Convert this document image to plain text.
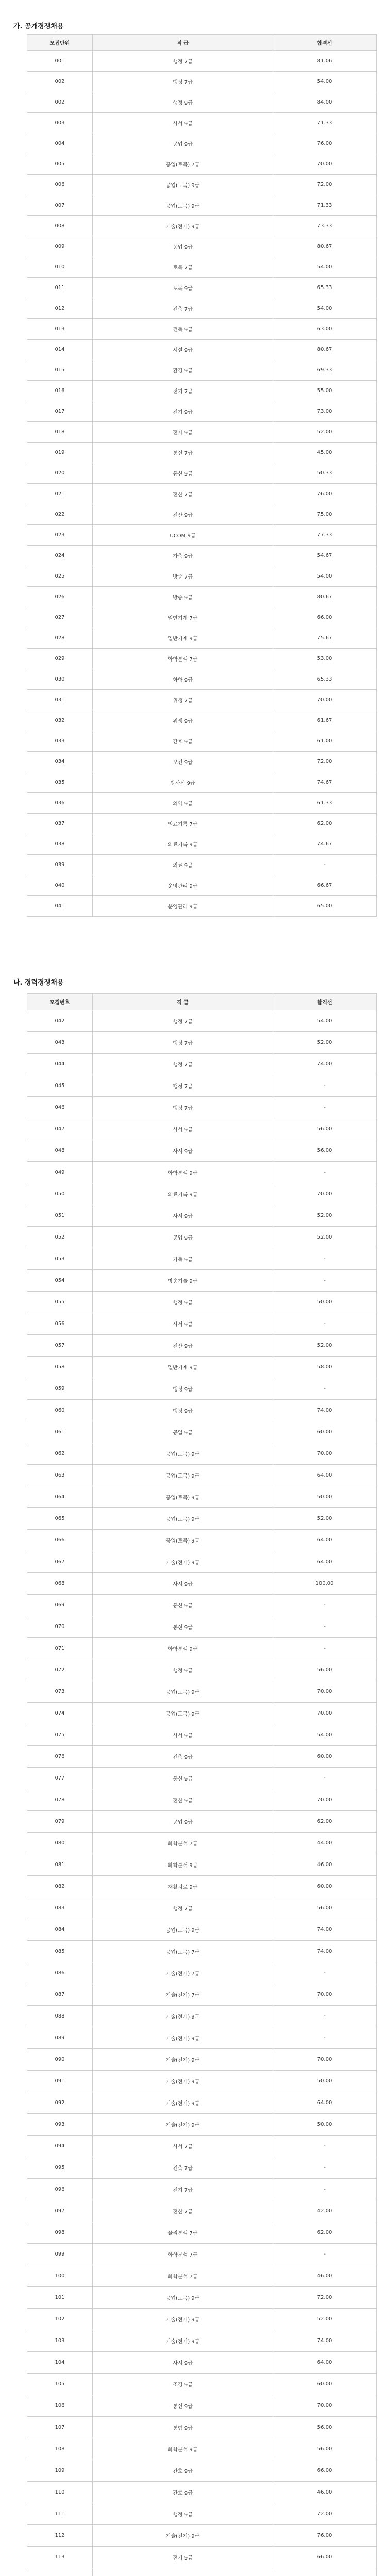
가. 공개경쟁채용
모집단위	직 급	합격선
001	행정 7급	81.06
002	행정 7급	54.00
002	행정 9급	84.00
003	사서 9급	71.33
004	공업 9급	76.00
005	공업(토목) 7급	70.00
006	공업(토목) 9급	72.00
007	공업(토목) 9급	71.33
008	기술(전기) 9급	73.33
009	농업 9급	80.67
010	토목 7급	54.00
011	토목 9급	65.33
012	건축 7급	54.00
013	건축 9급	63.00
014	시설 9급	80.67
015	환경 9급	69.33
016	전기 7급	55.00
017	전기 9급	73.00
018	전자 9급	52.00
019	통신 7급	45.00
020	통신 9급	50.33
021	전산 7급	76.00
022	전산 9급	75.00
023	UCOM 9급	77.33
024	가축 9급	54.67
025	방송 7급	54.00
026	방송 9급	80.67
027	일반기계 7급	66.00
028	일반기계 9급	75.67
029	화학분석 7급	53.00
030	화학 9급	65.33
031	위생 7급	70.00
032	위생 9급	61.67
033	간호 9급	61.00
034	보건 9급	72.00
035	방사선 9급	74.67
036	의약 9급	61.33
037	의료기록 7급	62.00
038	의료기록 9급	74.67
039	의료 9급	-
040	운영관리 9급	66.67
041	운영관리 9급	65.00
나. 경력경쟁채용
모집번호	직 급	합격선
042	행정 7급	54.00
043	행정 7급	52.00
044	행정 7급	74.00
045	행정 7급	-
046	행정 7급	-
047	사서 9급	56.00
048	사서 9급	56.00
049	화학분석 9급	-
050	의료기록 9급	70.00
051	사서 9급	52.00
052	공업 9급	52.00
053	가축 9급	-
054	방송기술 9급	-
055	행정 9급	50.00
056	사서 9급	-
057	전산 9급	52.00
058	일반기계 9급	58.00
059	행정 9급	-
060	행정 9급	74.00
061	공업 9급	60.00
062	공업(토목) 9급	70.00
063	공업(토목) 9급	64.00
064	공업(토목) 9급	50.00
065	공업(토목) 9급	52.00
066	공업(토목) 9급	64.00
067	기술(전기) 9급	64.00
068	사서 9급	100.00
069	통신 9급	-
070	통신 9급	-
071	화학분석 9급	-
072	행정 9급	56.00
073	공업(토목) 9급	70.00
074	공업(토목) 9급	70.00
075	사서 9급	54.00
076	건축 9급	60.00
077	통신 9급	-
078	전산 9급	70.00
079	공업 9급	62.00
080	화학분석 7급	44.00
081	화학분석 9급	46.00
082	재활치료 9급	60.00
083	행정 7급	56.00
084	공업(토목) 9급	74.00
085	공업(토목) 7급	74.00
086	기술(전기) 7급	-
087	기술(전기) 7급	70.00
088	기술(전기) 9급	-
089	기술(전기) 9급	-
090	기술(전기) 9급	70.00
091	기술(전기) 9급	50.00
092	기술(전기) 9급	64.00
093	기술(전기) 9급	50.00
094	사서 7급	-
095	건축 7급	-
096	전기 7급	-
097	전산 7급	42.00
098	물리분석 7급	62.00
099	화학분석 7급	-
100	화학분석 7급	46.00
101	공업(토목) 9급	72.00
102	기술(전기) 9급	52.00
103	기술(전기) 9급	74.00
104	사서 9급	64.00
105	조경 9급	60.00
106	통신 9급	70.00
107	통합 9급	56.00
108	화학분석 9급	56.00
109	간호 9급	66.00
110	간호 9급	46.00
111	행정 9급	72.00
112	기술(전기) 9급	76.00
113	전기 9급	66.00
